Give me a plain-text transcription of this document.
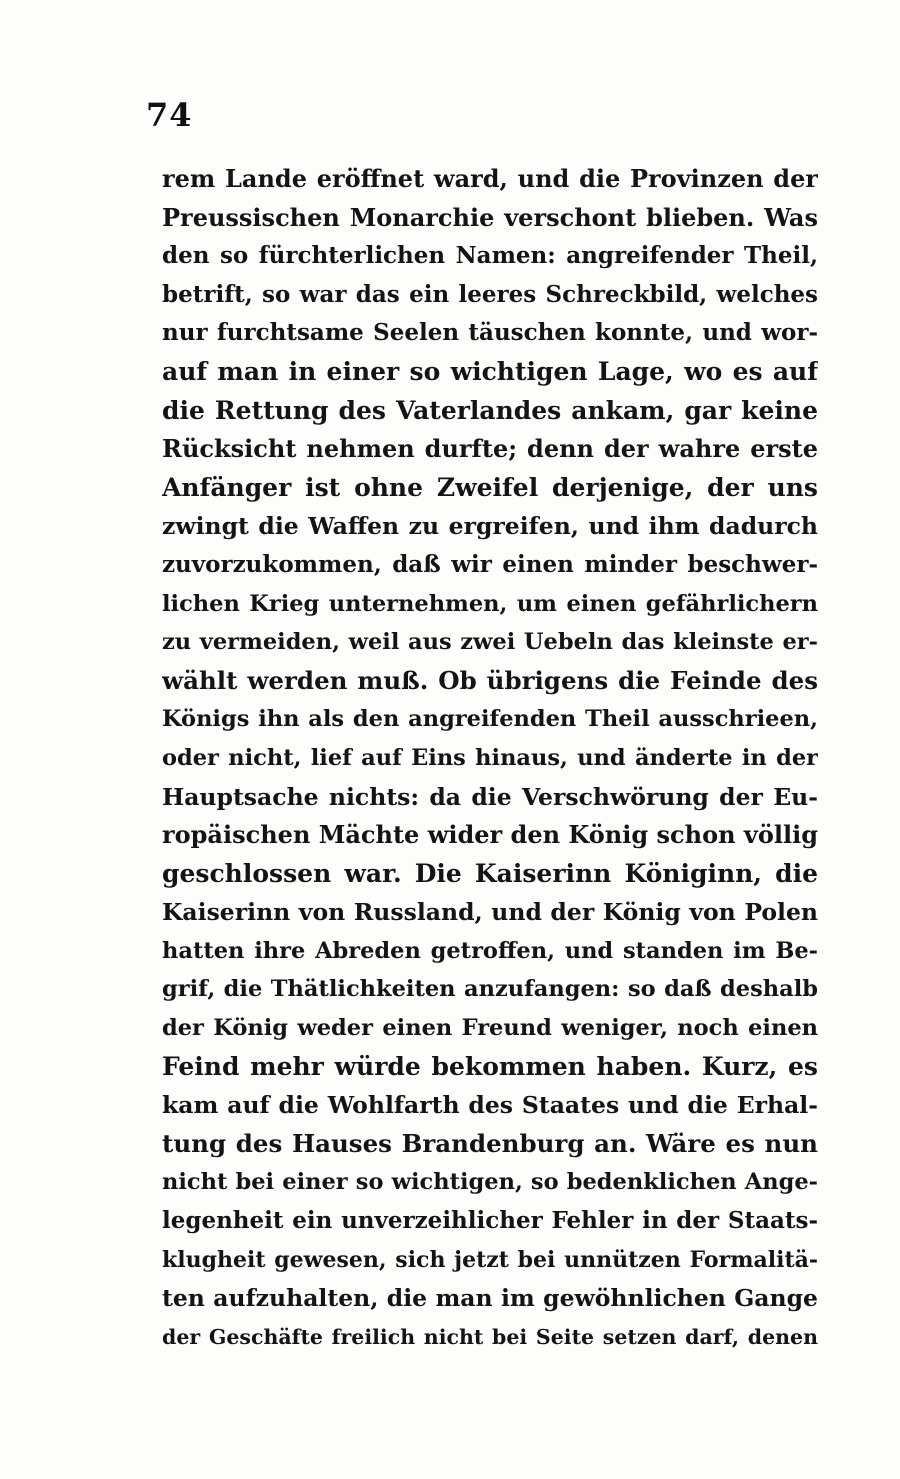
74
rem Lande eröffnet ward, und die Provinzen der
Preussischen Monarchie verschont blieben. Was
den so fürchterlichen Namen: angreifender Theil,
betrift, so war das ein leeres Schreckbild, welches
nur furchtsame Seelen täuschen konnte, und wor-
auf man in einer so wichtigen Lage, wo es auf
die Rettung des Vaterlandes ankam, gar keine
Rücksicht nehmen durfte; denn der wahre erste
Anfänger ist ohne Zweifel derjenige, der uns
zwingt die Waffen zu ergreifen, und ihm dadurch
zuvorzukommen, daß wir einen minder beschwer-
lichen Krieg unternehmen, um einen gefährlichern
zu vermeiden, weil aus zwei Uebeln das kleinste er-
wählt werden muß. Ob übrigens die Feinde des
Königs ihn als den angreifenden Theil ausschrieen,
oder nicht, lief auf Eins hinaus, und änderte in der
Hauptsache nichts: da die Verschwörung der Eu-
ropäischen Mächte wider den König schon völlig
geschlossen war. Die Kaiserinn Königinn, die
Kaiserinn von Russland, und der König von Polen
hatten ihre Abreden getroffen, und standen im Be-
grif, die Thätlichkeiten anzufangen: so daß deshalb
der König weder einen Freund weniger, noch einen
Feind mehr würde bekommen haben. Kurz, es
kam auf die Wohlfarth des Staates und die Erhal-
tung des Hauses Brandenburg an. Wäre es nun
nicht bei einer so wichtigen, so bedenklichen Ange-
legenheit ein unverzeihlicher Fehler in der Staats-
klugheit gewesen, sich jetzt bei unnützen Formalitä-
ten aufzuhalten, die man im gewöhnlichen Gange
der Geschäfte freilich nicht bei Seite setzen darf, denen
